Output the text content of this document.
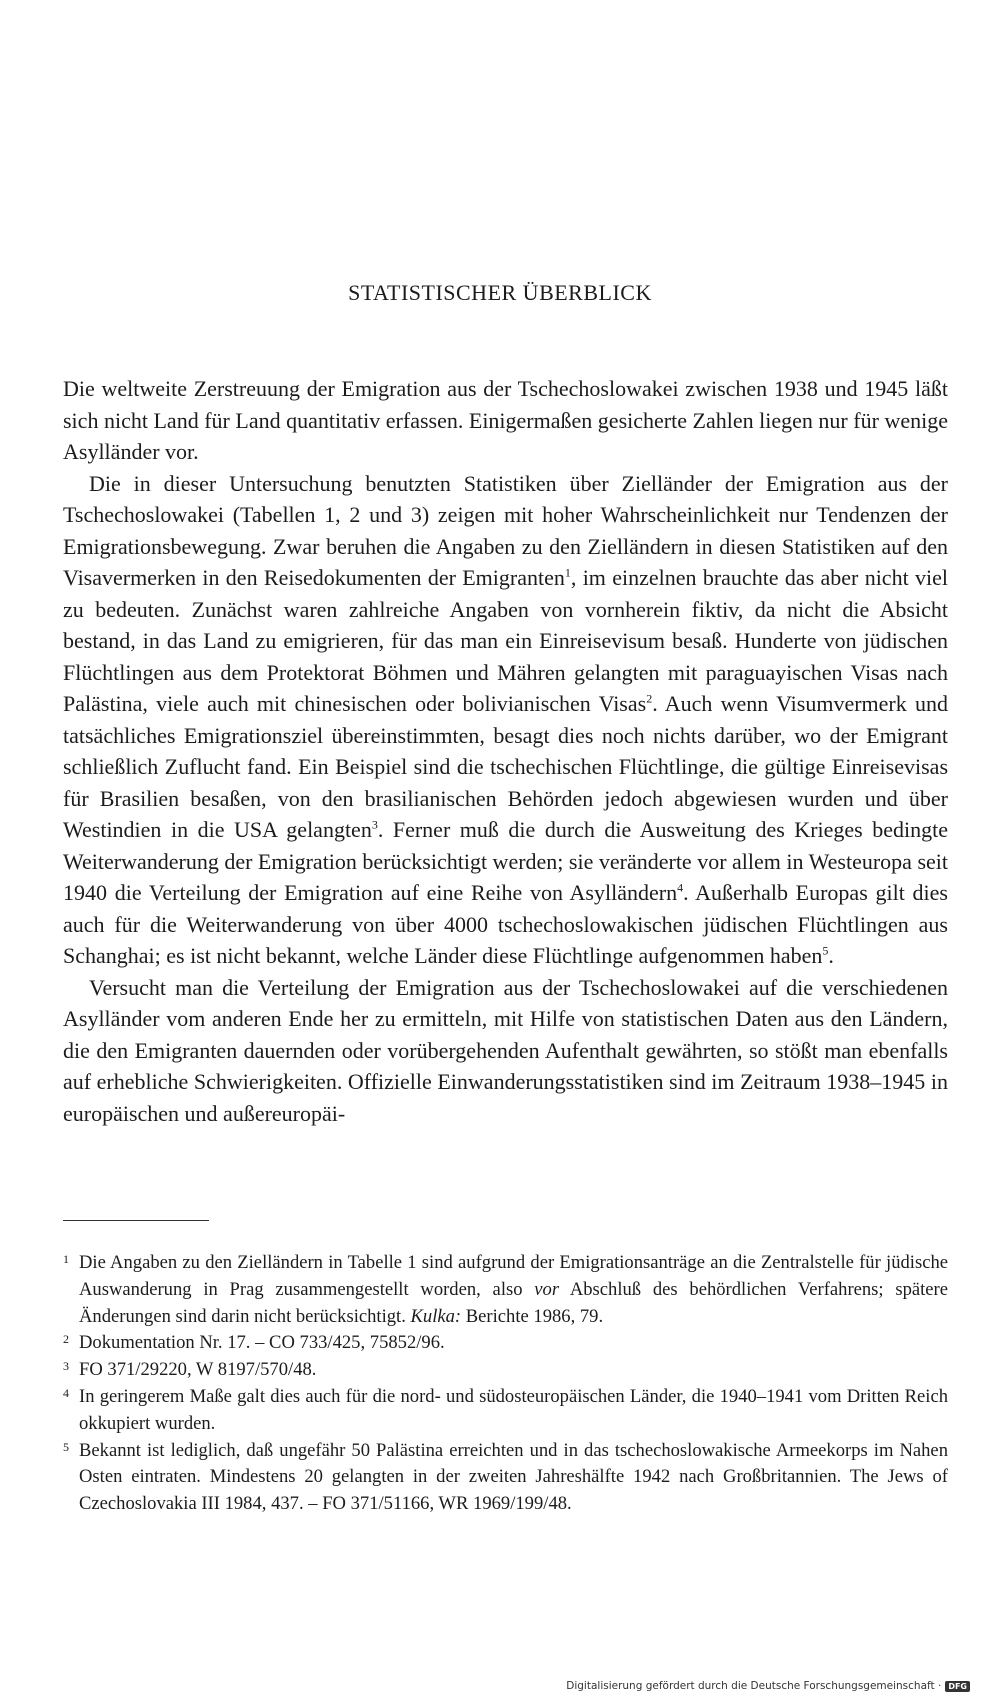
STATISTISCHER ÜBERBLICK

Die weltweite Zerstreuung der Emigration aus der Tschechoslowakei zwischen 1938 und 1945 läßt sich nicht Land für Land quantitativ erfassen. Einigermaßen gesicherte Zahlen liegen nur für wenige Asylländer vor.

Die in dieser Untersuchung benutzten Statistiken über Zielländer der Emigration aus der Tschechoslowakei (Tabellen 1, 2 und 3) zeigen mit hoher Wahrscheinlichkeit nur Tendenzen der Emigrationsbewegung. Zwar beruhen die Angaben zu den Zielländern in diesen Statistiken auf den Visavermerken in den Reisedokumenten der Emigranten$^1$, im einzelnen brauchte das aber nicht viel zu bedeuten. Zunächst waren zahlreiche Angaben von vornherein fiktiv, da nicht die Absicht bestand, in das Land zu emigrieren, für das man ein Einreisevisum besaß. Hunderte von jüdischen Flüchtlingen aus dem Protektorat Böhmen und Mähren gelangten mit paraguayischen Visas nach Palästina, viele auch mit chinesischen oder bolivianischen Visas$^2$. Auch wenn Visumvermerk und tatsächliches Emigrationsziel übereinstimmten, besagt dies noch nichts darüber, wo der Emigrant schließlich Zuflucht fand. Ein Beispiel sind die tschechischen Flüchtlinge, die gültige Einreisevisas für Brasilien besaßen, von den brasilianischen Behörden jedoch abgewiesen wurden und über Westindien in die USA gelangten$^3$. Ferner muß die durch die Ausweitung des Krieges bedingte Weiterwanderung der Emigration berücksichtigt werden; sie veränderte vor allem in Westeuropa seit 1940 die Verteilung der Emigration auf eine Reihe von Asylländern$^4$. Außerhalb Europas gilt dies auch für die Weiterwanderung von über 4000 tschechoslowakischen jüdischen Flüchtlingen aus Schanghai; es ist nicht bekannt, welche Länder diese Flüchtlinge aufgenommen haben$^5$.

Versucht man die Verteilung der Emigration aus der Tschechoslowakei auf die verschiedenen Asylländer vom anderen Ende her zu ermitteln, mit Hilfe von statistischen Daten aus den Ländern, die den Emigranten dauernden oder vorübergehenden Aufenthalt gewährten, so stößt man ebenfalls auf erhebliche Schwierigkeiten. Offizielle Einwanderungsstatistiken sind im Zeitraum 1938–1945 in europäischen und außereuropäi-

1 Die Angaben zu den Zielländern in Tabelle 1 sind aufgrund der Emigrationsanträge an die Zentralstelle für jüdische Auswanderung in Prag zusammengestellt worden, also vor Abschluß des behördlichen Verfahrens; spätere Änderungen sind darin nicht berücksichtigt. Kulka: Berichte 1986, 79.

2 Dokumentation Nr. 17. – CO 733/425, 75852/96.

3 FO 371/29220, W 8197/570/48.

4 In geringerem Maße galt dies auch für die nord- und südosteuropäischen Länder, die 1940–1941 vom Dritten Reich okkupiert wurden.

5 Bekannt ist lediglich, daß ungefähr 50 Palästina erreichten und in das tschechoslowakische Armeekorps im Nahen Osten eintraten. Mindestens 20 gelangten in der zweiten Jahreshälfte 1942 nach Großbritannien. The Jews of Czechoslovakia III 1984, 437. – FO 371/51166, WR 1969/199/48.

Digitalisierung gefördert durch die Deutsche Forschungsgemeinschaft · DFG
